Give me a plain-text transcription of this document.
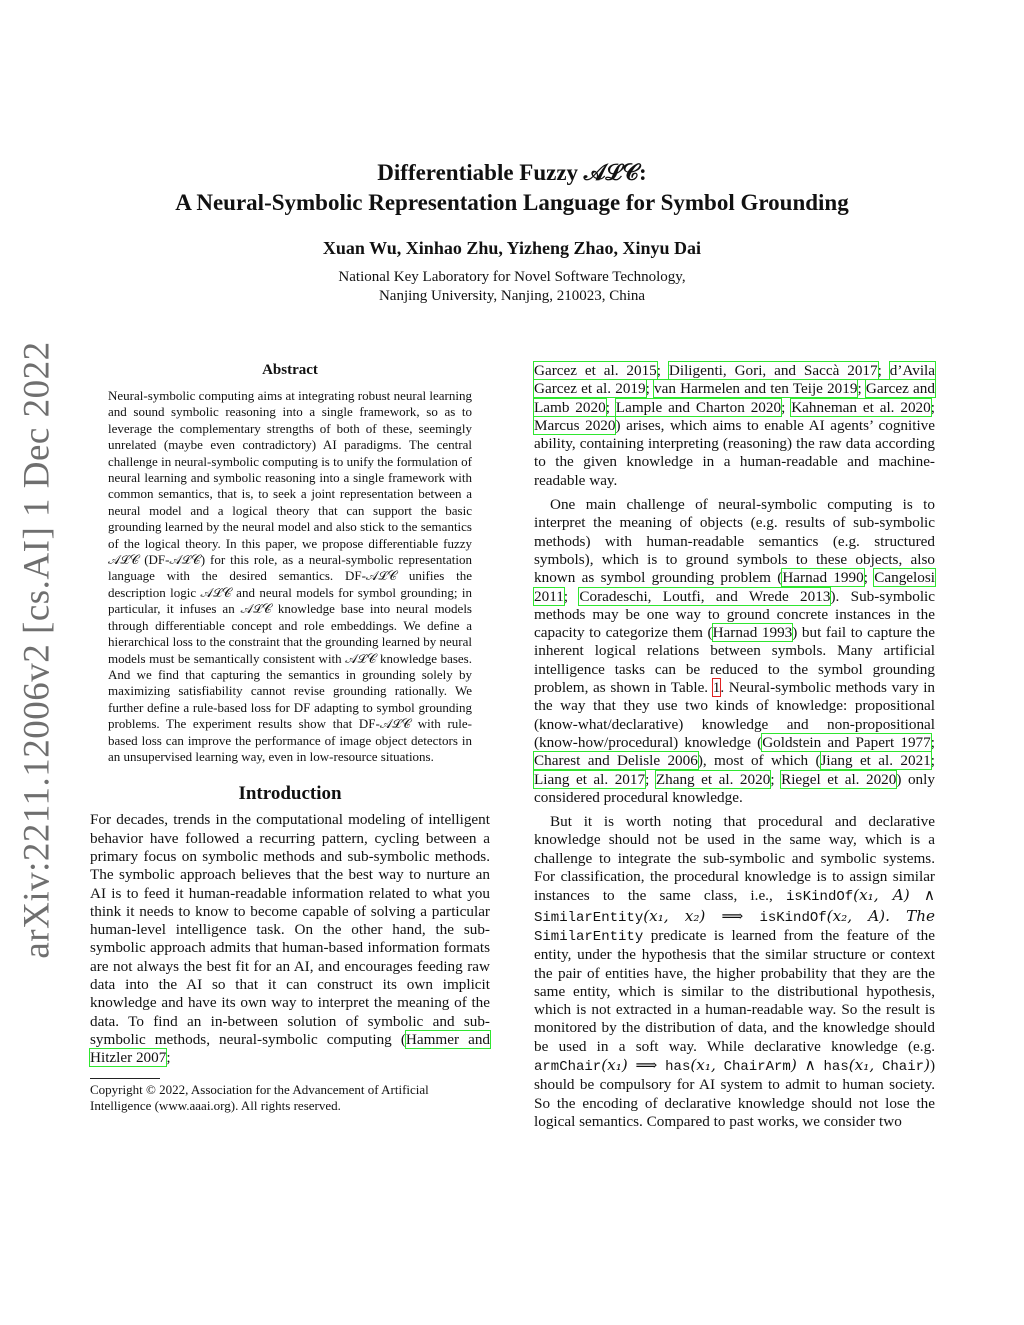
arXiv:2211.12006v2 [cs.AI] 1 Dec 2022
Differentiable Fuzzy 𝒜ℒ𝒞:
A Neural-Symbolic Representation Language for Symbol Grounding
Xuan Wu, Xinhao Zhu, Yizheng Zhao, Xinyu Dai
National Key Laboratory for Novel Software Technology,
Nanjing University, Nanjing, 210023, China
Abstract

Neural-symbolic computing aims at integrating robust neural learning and sound symbolic reasoning into a single framework, so as to leverage the complementary strengths of both of these, seemingly unrelated (maybe even contradictory) AI paradigms. The central challenge in neural-symbolic computing is to unify the formulation of neural learning and symbolic reasoning into a single framework with common semantics, that is, to seek a joint representation between a neural model and a logical theory that can support the basic grounding learned by the neural model and also stick to the semantics of the logical theory. In this paper, we propose differentiable fuzzy 𝒜ℒ𝒞 (DF-𝒜ℒ𝒞) for this role, as a neural-symbolic representation language with the desired semantics. DF-𝒜ℒ𝒞 unifies the description logic 𝒜ℒ𝒞 and neural models for symbol grounding; in particular, it infuses an 𝒜ℒ𝒞 knowledge base into neural models through differentiable concept and role embeddings. We define a hierarchical loss to the constraint that the grounding learned by neural models must be semantically consistent with 𝒜ℒ𝒞 knowledge bases. And we find that capturing the semantics in grounding solely by maximizing satisfiability cannot revise grounding rationally. We further define a rule-based loss for DF adapting to symbol grounding problems. The experiment results show that DF-𝒜ℒ𝒞 with rule-based loss can improve the performance of image object detectors in an unsupervised learning way, even in low-resource situations.

Introduction

For decades, trends in the computational modeling of intelligent behavior have followed a recurring pattern, cycling between a primary focus on symbolic methods and sub-symbolic methods. The symbolic approach believes that the best way to nurture an AI is to feed it human-readable information related to what you think it needs to know to become capable of solving a particular human-level intelligence task. On the other hand, the sub-symbolic approach admits that human-based information formats are not always the best fit for an AI, and encourages feeding raw data into the AI so that it can construct its own implicit knowledge and have its own way to interpret the meaning of the data. To find an in-between solution of symbolic and sub-symbolic methods, neural-symbolic computing (Hammer and Hitzler 2007;

Copyright © 2022, Association for the Advancement of Artificial Intelligence (www.aaai.org). All rights reserved.

Garcez et al. 2015; Diligenti, Gori, and Saccà 2017; d’Avila Garcez et al. 2019; van Harmelen and ten Teije 2019; Garcez and Lamb 2020; Lample and Charton 2020; Kahneman et al. 2020; Marcus 2020) arises, which aims to enable AI agents’ cognitive ability, containing interpreting (reasoning) the raw data according to the given knowledge in a human-readable and machine-readable way.

One main challenge of neural-symbolic computing is to interpret the meaning of objects (e.g. results of sub-symbolic methods) with human-readable semantics (e.g. structured symbols), which is to ground symbols to these objects, also known as symbol grounding problem (Harnad 1990; Cangelosi 2011; Coradeschi, Loutfi, and Wrede 2013). Sub-symbolic methods may be one way to ground concrete instances in the capacity to categorize them (Harnad 1993) but fail to capture the inherent logical relations between symbols. Many artificial intelligence tasks can be reduced to the symbol grounding problem, as shown in Table. 1. Neural-symbolic methods vary in the way that they use two kinds of knowledge: propositional (know-what/declarative) knowledge and non-propositional (know-how/procedural) knowledge (Goldstein and Papert 1977; Charest and Delisle 2006), most of which (Jiang et al. 2021; Liang et al. 2017; Zhang et al. 2020; Riegel et al. 2020) only considered procedural knowledge.

But it is worth noting that procedural and declarative knowledge should not be used in the same way, which is a challenge to integrate the sub-symbolic and symbolic systems. For classification, the procedural knowledge is to assign similar instances to the same class, i.e., isKindOf(x₁, A) ∧ SimilarEntity(x₁, x₂) ⟹ isKindOf(x₂, A). The SimilarEntity predicate is learned from the feature of the entity, under the hypothesis that the similar structure or context the pair of entities have, the higher probability that they are the same entity, which is similar to the distributional hypothesis, which is not extracted in a human-readable way. So the result is monitored by the distribution of data, and the knowledge should be used in a soft way. While declarative knowledge (e.g. armChair(x₁) ⟹ has(x₁, ChairArm) ∧ has(x₁, Chair)) should be compulsory for AI system to admit to human society. So the encoding of declarative knowledge should not lose the logical semantics. Compared to past works, we consider two
